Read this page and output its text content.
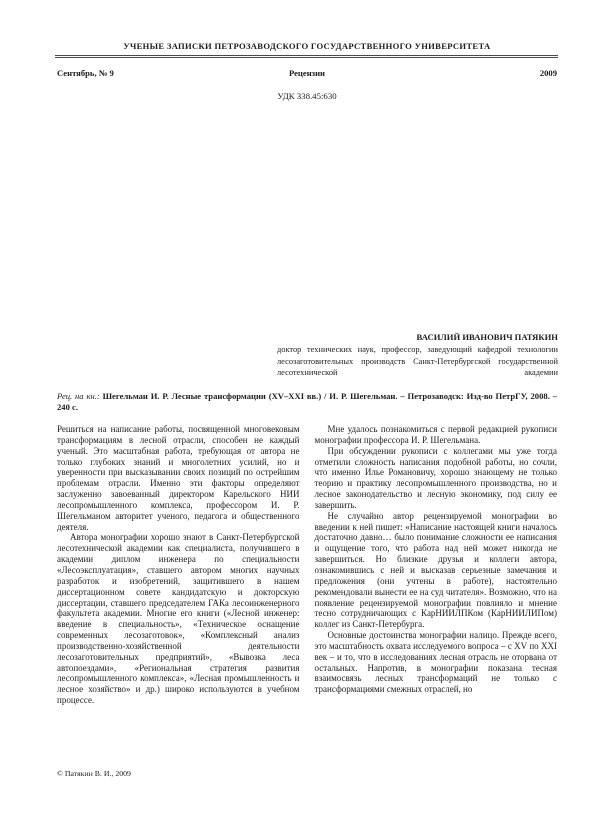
УЧЕНЫЕ ЗАПИСКИ ПЕТРОЗАВОДСКОГО ГОСУДАРСТВЕННОГО УНИВЕРСИТЕТА
Сентябрь, № 9	Рецензии	2009
УДК 338.45:630
ВАСИЛИЙ ИВАНОВИЧ ПАТЯКИН
доктор технических наук, профессор, заведующий кафедрой технологии лесозаготовительных производств Санкт-Петербургской государственной лесотехнической академии
Рец. на кн.: Шегельман И. Р. Лесные трансформации (XV–XXI вв.) / И. Р. Шегельман. – Петрозаводск: Изд-во ПетрГУ, 2008. – 240 с.

Решиться на написание работы, посвященной многовековым трансформациям в лесной отрасли, способен не каждый ученый. Это масштабная работа, требующая от автора не только глубоких знаний и многолетних усилий, но и уверенности при высказывании своих позиций по острейшим проблемам отрасли. Именно эти факторы определяют заслуженно завоеванный директором Карельского НИИ лесопромышленного комплекса, профессором И. Р. Шегельманом авторитет ученого, педагога и общественного деятеля.

Автора монографии хорошо знают в Санкт-Петербургской лесотехнической академии как специалиста, получившего в академии диплом инженера по специальности «Лесоэксплуатация», ставшего автором многих научных разработок и изобретений, защитившего в нашем диссертационном совете кандидатскую и докторскую диссертации, ставшего председателем ГАКа лесоинженерного факультета академии. Многие его книги («Лесной инженер: введение в специальность», «Техническое оснащение современных лесозаготовок», «Комплексный анализ производственно-хозяйственной деятельности лесозаготовительных предприятий», «Вывозка леса автопоездами», «Региональная стратегия развития лесопромышленного комплекса», «Лесная промышленность и лесное хозяйство» и др.) широко используются в учебном процессе.

Мне удалось познакомиться с первой редакцией рукописи монографии профессора И. Р. Шегельмана.

При обсуждении рукописи с коллегами мы уже тогда отметили сложность написания подобной работы, но сочли, что именно Илье Романовичу, хорошо знающему не только теорию и практику лесопромышленного производства, но и лесное законодательство и лесную экономику, под силу ее завершить.

Не случайно автор рецензируемой монографии во введении к ней пишет: «Написание настоящей книги началось достаточно давно… было понимание сложности ее написания и ощущение того, что работа над ней может никогда не завершиться. Но близкие друзья и коллеги автора, ознакомившись с ней и высказав серьезные замечания и предложения (они учтены в работе), настоятельно рекомендовали вынести ее на суд читателя». Возможно, что на появление рецензируемой монографии повлияло и мнение тесно сотрудничающих с КарНИИЛПКом (КарНИИЛИПом) коллег из Санкт-Петербурга.

Основные достоинства монографии налицо. Прежде всего, это масштабность охвата исследуемого вопроса – с XV по XXI век – и то, что в исследованиях лесная отрасль не оторвана от остальных. Напротив, в монографии показана тесная взаимосвязь лесных трансформаций не только с трансформациями смежных отраслей, но

© Патякин В. И., 2009
